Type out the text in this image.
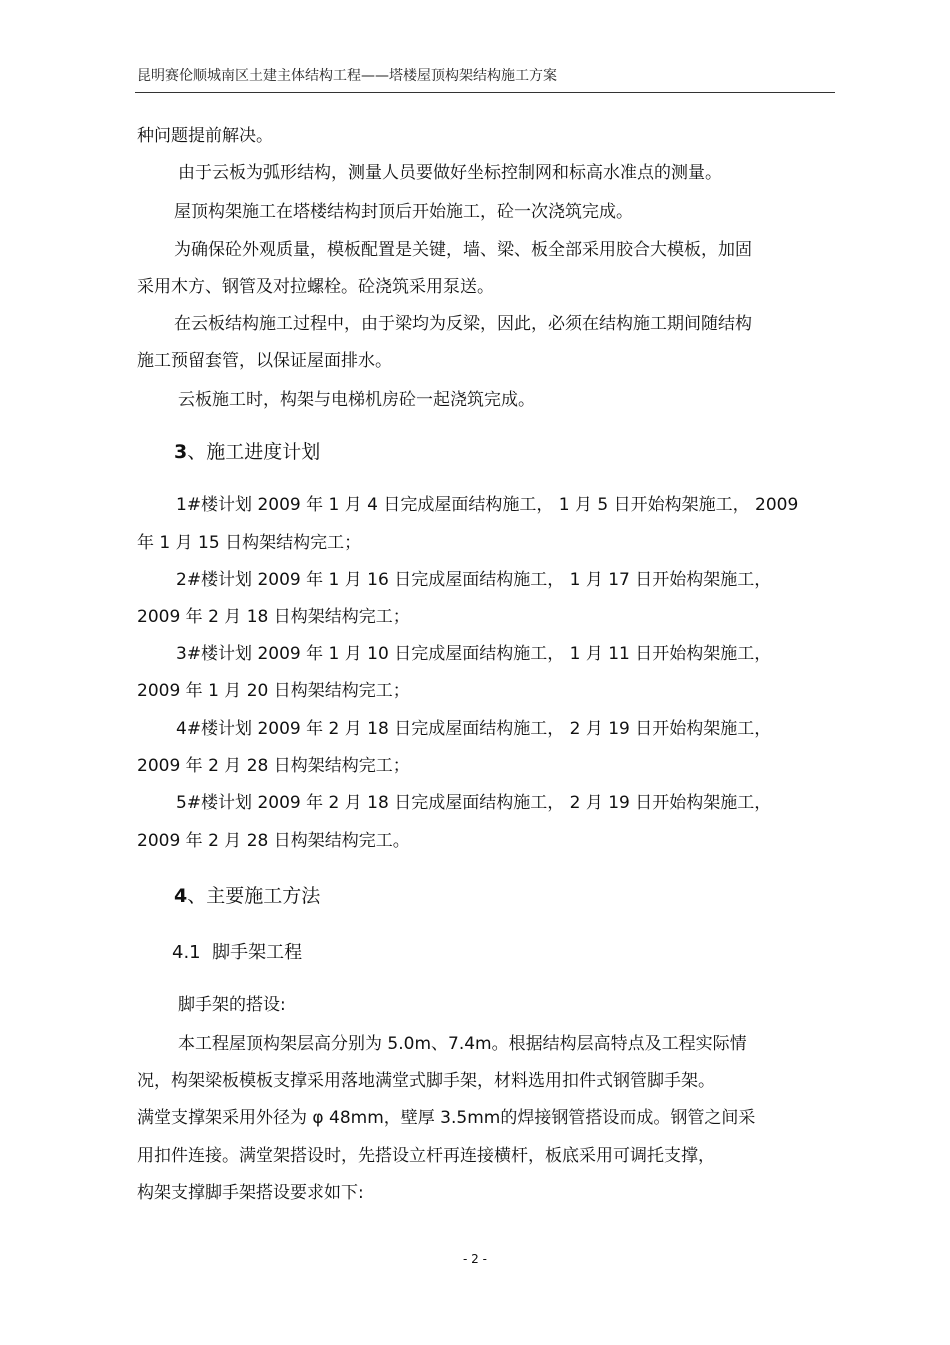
昆明赛伦顺城南区土建主体结构工程——塔楼屋顶构架结构施工方案
种问题提前解决。
由于云板为弧形结构，测量人员要做好坐标控制网和标高水准点的测量。
屋顶构架施工在塔楼结构封顶后开始施工，砼一次浇筑完成。
为确保砼外观质量，模板配置是关键，墙、梁、板全部采用胶合大模板，加固
采用木方、钢管及对拉螺栓。砼浇筑采用泵送。
在云板结构施工过程中，由于梁均为反梁，因此，必须在结构施工期间随结构
施工预留套管，以保证屋面排水。
云板施工时，构架与电梯机房砼一起浇筑完成。
3、施工进度计划
1#楼计划 2009 年 1 月 4 日完成屋面结构施工， 1 月 5 日开始构架施工， 2009
年 1 月 15 日构架结构完工；
2#楼计划 2009 年 1 月 16 日完成屋面结构施工， 1 月 17 日开始构架施工，
2009 年 2 月 18 日构架结构完工；
3#楼计划 2009 年 1 月 10 日完成屋面结构施工， 1 月 11 日开始构架施工，
2009 年 1 月 20 日构架结构完工；
4#楼计划 2009 年 2 月 18 日完成屋面结构施工， 2 月 19 日开始构架施工，
2009 年 2 月 28 日构架结构完工；
5#楼计划 2009 年 2 月 18 日完成屋面结构施工， 2 月 19 日开始构架施工，
2009 年 2 月 28 日构架结构完工。
4、主要施工方法
4.1 脚手架工程
脚手架的搭设:
本工程屋顶构架层高分别为 5.0m、7.4m。根据结构层高特点及工程实际情
况，构架梁板模板支撑采用落地满堂式脚手架，材料选用扣件式钢管脚手架。
满堂支撑架采用外径为 φ 48mm，壁厚 3.5mm的焊接钢管搭设而成。钢管之间采
用扣件连接。满堂架搭设时，先搭设立杆再连接横杆，板底采用可调托支撑，
构架支撑脚手架搭设要求如下:
- 2 -
